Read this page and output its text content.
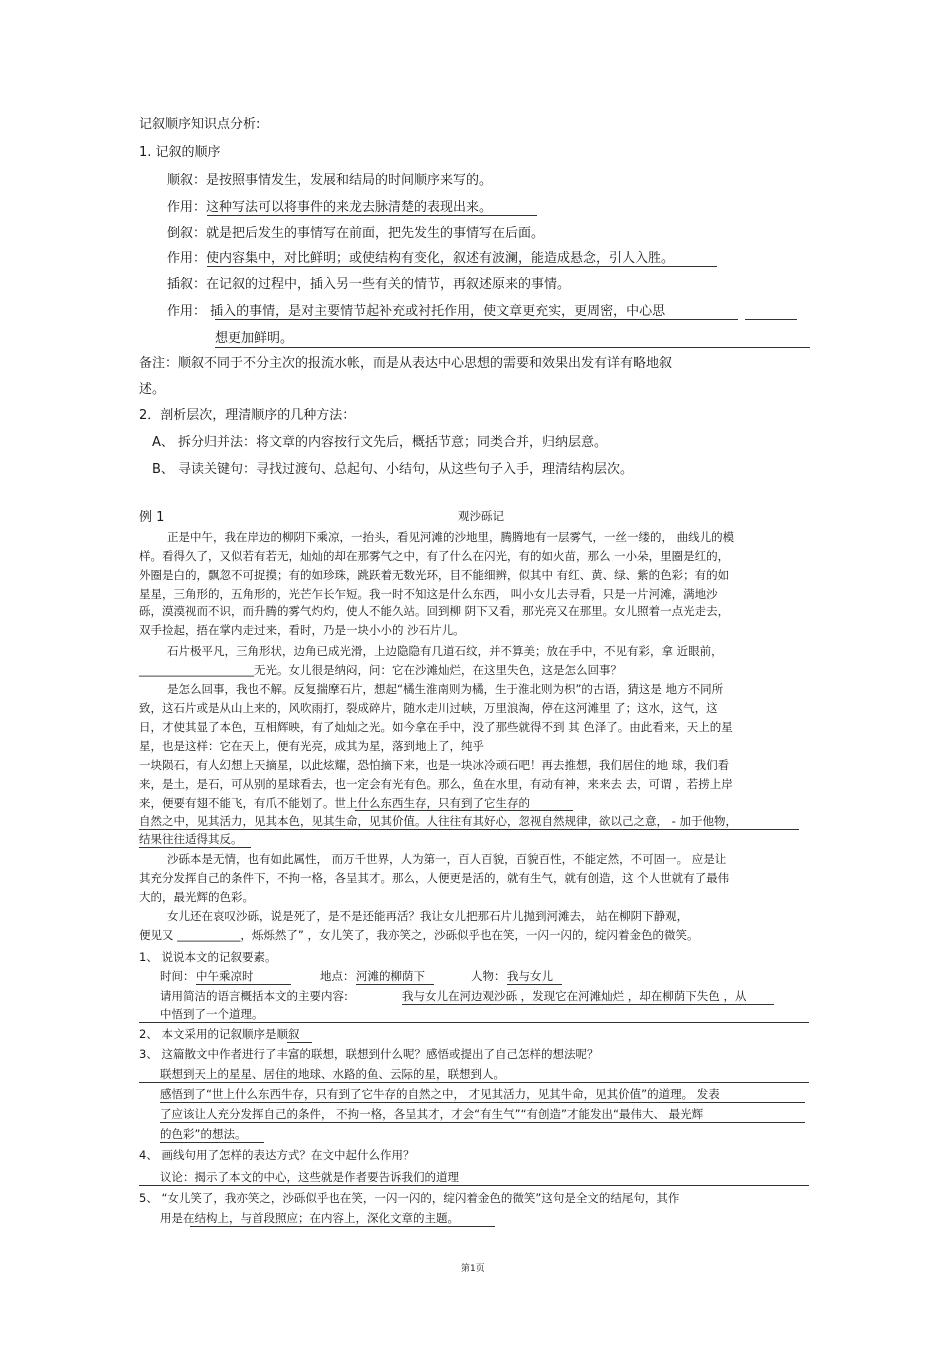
记叙顺序知识点分析:
1. 记叙的顺序
顺叙：是按照事情发生，发展和结局的时间顺序来写的。
作用：这种写法可以将事件的来龙去脉清楚的表现出来。
倒叙：就是把后发生的事情写在前面，把先发生的事情写在后面。
作用：使内容集中，对比鲜明；或使结构有变化，叙述有波澜，能造成悬念，引人入胜。
插叙：在记叙的过程中，插入另一些有关的情节，再叙述原来的事情。
作用： 插入的事情，是对主要情节起补充或衬托作用，使文章更充实，更周密，中心思
想更加鲜明。
备注：顺叙不同于不分主次的报流水帐，而是从表达中心思想的需要和效果出发有详有略地叙
述。
2．剖析层次，理清顺序的几种方法：
A、 拆分归并法：将文章的内容按行文先后，概括节意；同类合并，归纳层意。
B、 寻读关键句：寻找过渡句、总起句、小结句，从这些句子入手，理清结构层次。
例 1	观沙砾记
正是中午，我在岸边的柳阴下乘凉，一抬头，看见河滩的沙地里，腾腾地有一层雾气，一丝一缕的， 曲线儿的模
样。看得久了，又似若有若无，灿灿的却在那雾气之中，有了什么在闪光，有的如火苗，那么 一小朵，里圈是红的，
外圈是白的，飘忽不可捉摸；有的如珍珠，跳跃着无数光环，目不能细辨，似其中 有红、黄、绿、紫的色彩；有的如
星星，三角形的，五角形的，光芒乍长乍短。我一时不知这是什么东西， 叫小女儿去寻看，只是一片河滩，满地沙
砾，漠漠视而不识，而升腾的雾气灼灼，使人不能久站。回到柳 阴下又看，那光亮又在那里。女儿照着一点光走去，
双手捡起，捂在掌内走过来，看时，乃是一块小小的 沙石片儿。
石片极平凡，三角形状，边角已成光滑，上边隐隐有几道石纹，并不算美；放在手中，不见有彩，拿 近眼前，
____________________无光。女儿很是纳闷，问：它在沙滩灿烂，在这里失色，这是怎么回事？
是怎么回事，我也不解。反复揣摩石片，想起“橘生淮南则为橘，生于淮北则为枳”的古语，猜这是 地方不同所
致，这石片或是从山上来的，风吹雨打，裂成碎片，随水走川过峡，万里浪淘，停在这河滩里 了；这水，这气，这
日，才使其显了本色，互相辉映，有了灿灿之光。如今拿在手中，没了那些就得不到 其 色泽了。由此看来，天上的星
星，也是这样：它在天上，便有光亮，成其为星，落到地上了，纯乎
一块陨石，有人幻想上天摘星，以此炫耀，恐怕摘下来，也是一块冰冷顽石吧！再去推想，我们居住的地 球，我们看
来，是土，是石，可从别的星球看去，也一定会有光有色。那么，鱼在水里，有动有神，来来去 去，可谓 ，若捞上岸
来，便要有翅不能飞，有爪不能划了。世上什么东西生存，只有到了它生存的
自然之中，见其活力，见其本色，见其生命，见其价值。人往往有其好心，忽视自然规律，欲以己之意， - 加于他物，
结果往往适得其反。
沙砾本是无情，也有如此属性， 而万千世界，人为第一，百人百貌，百貌百性，不能定然，不可固一。 应是让
其充分发挥自己的条件下，不拘一格，各呈其才。那么，人便更是活的，就有生气，就有创造，这 个人世就有了最伟
大的，最光辉的色彩。
女儿还在哀叹沙砾，说是死了，是不是还能再活？我让女儿把那石片儿抛到河滩去， 站在柳阴下静观，
便见又 ___________，烁烁然了” ，女儿笑了，我亦笑之，沙砾似乎也在笑，一闪一闪的，绽闪着金色的微笑。
1、 说说本文的记叙要素。
时间： 中午乘凉时	地点： 河滩的柳荫下	人物： 我与女儿
请用简洁的语言概括本文的主要内容:	我与女儿在河边观沙砾 ，发现它在河滩灿烂 ，却在柳荫下失色 ，从
中悟到了一个道理。
2、 本文采用的记叙顺序是顺叙
3、 这篇散文中作者进行了丰富的联想，联想到什么呢？感悟或提出了自己怎样的想法呢？
联想到天上的星星、居住的地球、水路的鱼、云际的星，联想到人。
感悟到了“世上什么东西牛存，只有到了它牛存的自然之中， 才见其活力，见其牛命，见其价值”的道理。 发表
了应该让人充分发挥自己的条件， 不拘一格，各呈其才，才会“有生气”“有创造”才能发出“最伟大、 最光辉
的色彩”的想法。
4、 画线句用了怎样的表达方式？在文中起什么作用？
议论：揭示了本文的中心，这些就是作者要告诉我们的道理
5、 “女儿笑了，我亦笑之，沙砾似乎也在笑，一闪一闪的，绽闪着金色的微笑”这句是全文的结尾句，其作
用是在结构上，与首段照应；在内容上，深化文章的主题。
第1页
